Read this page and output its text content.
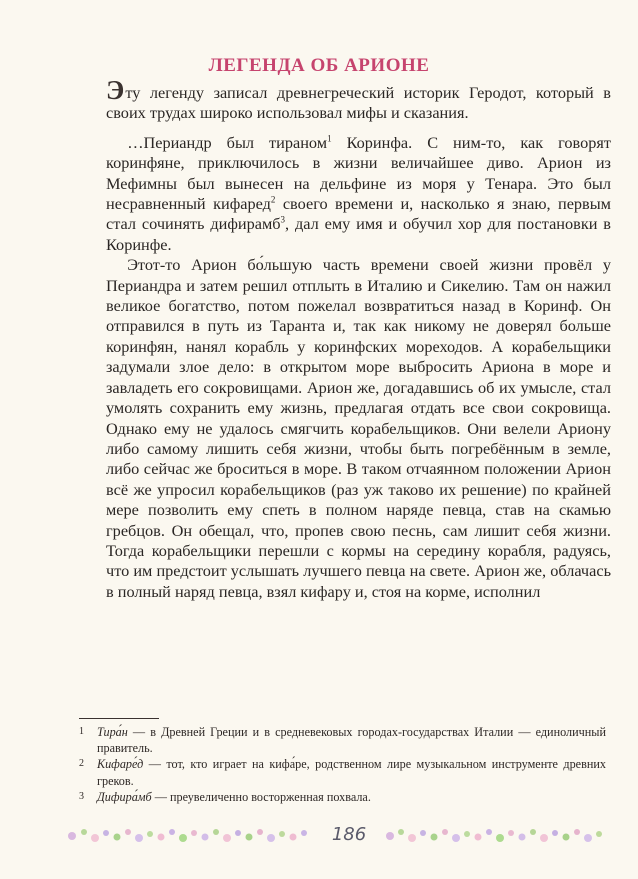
ЛЕГЕНДА ОБ АРИОНЕ

Эту легенду записал древнегреческий историк Геродот, который в своих трудах широко использовал мифы и сказания.

…Периандр был тираном$^1$ Коринфа. С ним-то, как говорят коринфяне, приключилось в жизни величайшее диво. Арион из Мефимны был вынесен на дельфине из моря у Тенара. Это был несравненный кифаред$^2$ своего времени и, насколько я знаю, первым стал сочинять дифирамб$^3$, дал ему имя и обучил хор для постановки в Коринфе.

Этот-то Арион бо́льшую часть времени своей жизни провёл у Периандра и затем решил отплыть в Италию и Сикелию. Там он нажил великое богатство, потом пожелал возвратиться назад в Коринф. Он отправился в путь из Таранта и, так как никому не доверял больше коринфян, нанял корабль у коринфских мореходов. А корабельщики задумали злое дело: в открытом море выбросить Ариона в море и завладеть его сокровищами. Арион же, догадавшись об их умысле, стал умолять сохранить ему жизнь, предлагая отдать все свои сокровища. Однако ему не удалось смягчить корабельщиков. Они велели Ариону либо самому лишить себя жизни, чтобы быть погребённым в земле, либо сейчас же броситься в море. В таком отчаянном положении Арион всё же упросил корабельщиков (раз уж таково их решение) по крайней мере позволить ему спеть в полном наряде певца, став на скамью гребцов. Он обещал, что, пропев свою песнь, сам лишит себя жизни. Тогда корабельщики перешли с кормы на середину корабля, радуясь, что им предстоит услышать лучшего певца на свете. Арион же, облачась в полный наряд певца, взял кифару и, стоя на корме, исполнил

1	Тира́н — в Древней Греции и в средневековых городах-государствах Италии — единоличный правитель.
2	Кифаре́д — тот, кто играет на кифа́ре, родственном лире музыкальном инструменте древних греков.
3	Дифира́мб — преувеличенно восторженная похвала.
186
